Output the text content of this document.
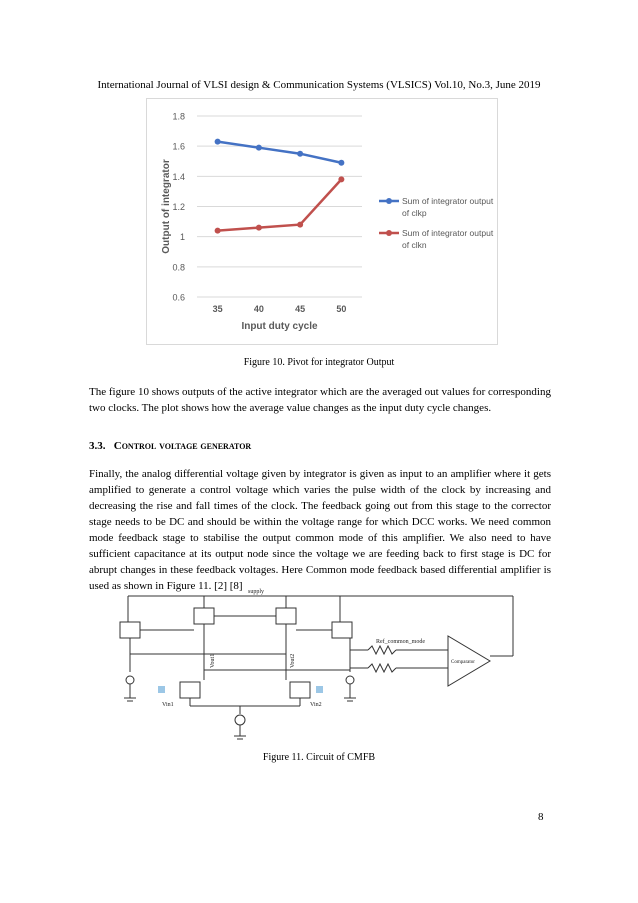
International Journal of VLSI design & Communication Systems (VLSICS) Vol.10, No.3, June 2019
0.6
0.8
1
1.2
1.4
1.6
1.8
35	40	45	50
Input duty cycle
Output of integrator	Sum of integrator output
of clkp
Sum of integrator output
of clkn
Figure 10. Pivot for integrator Output

The figure 10 shows outputs of the active integrator which are the averaged out values for corresponding two clocks. The plot shows how the average value changes as the input duty cycle changes.

3.3. Control voltage generator

Finally, the analog differential voltage given by integrator is given as input to an amplifier where it gets amplified to generate a control voltage which varies the pulse width of the clock by increasing and decreasing the rise and fall times of the clock. The feedback going out from this stage to the corrector stage needs to be DC and should be within the voltage range for which DCC works. We need common mode feedback stage to stabilise the output common mode of this amplifier. We also need to have sufficient capacitance at its output node since the voltage we are feeding back to first stage is DC for abrupt changes in these feedback voltages. Here Common mode feedback based differential amplifier is used as shown in Figure 11. [2] [8] supply
Ref_common_mode
Comparator
Vout1	Vout2
Vin1	Vin2
Figure 11. Circuit of CMFB
8
